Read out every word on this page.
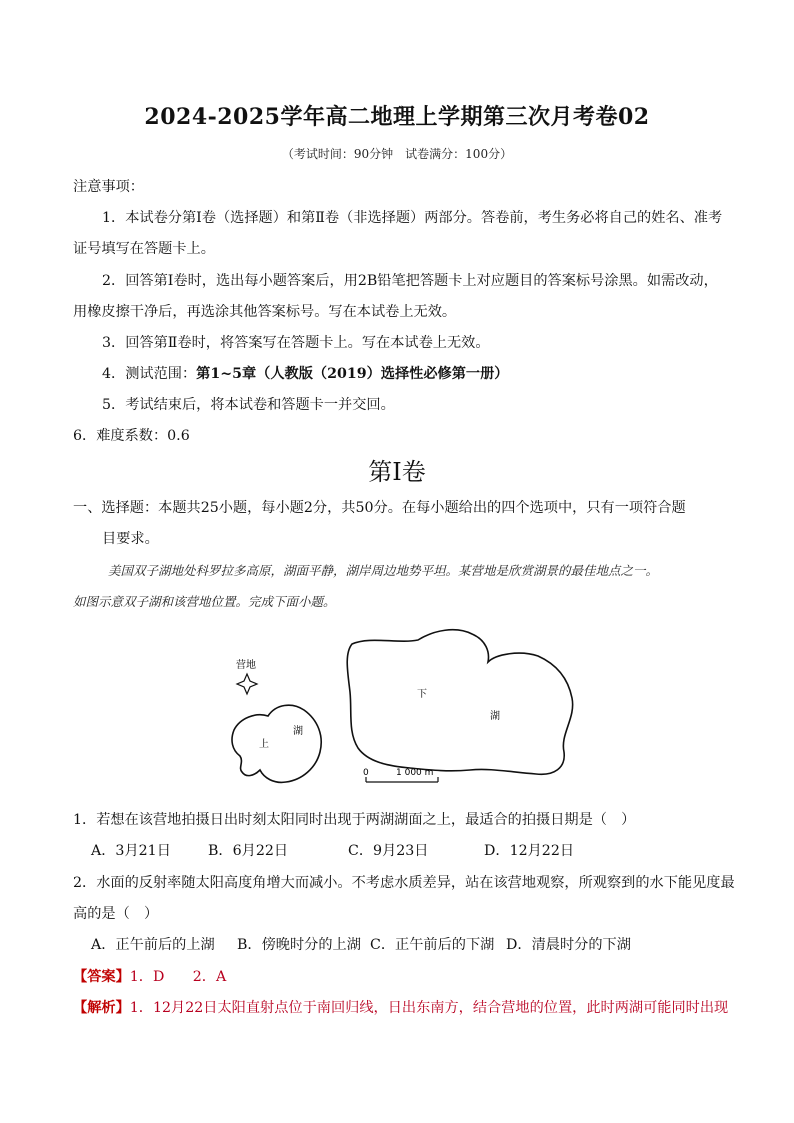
2024-2025学年高二地理上学期第三次月考卷02
（考试时间：90分钟　试卷满分：100分）
注意事项：
1．本试卷分第Ⅰ卷（选择题）和第Ⅱ卷（非选择题）两部分。答卷前，考生务必将自己的姓名、准考
证号填写在答题卡上。
2．回答第Ⅰ卷时，选出每小题答案后，用2B铅笔把答题卡上对应题目的答案标号涂黑。如需改动，
用橡皮擦干净后，再选涂其他答案标号。写在本试卷上无效。
3．回答第Ⅱ卷时，将答案写在答题卡上。写在本试卷上无效。
4．测试范围：第1~5章（人教版（2019）选择性必修第一册）
5．考试结束后，将本试卷和答题卡一并交回。
6．难度系数：0.6
第Ⅰ卷
一、选择题：本题共25小题，每小题2分，共50分。在每小题给出的四个选项中，只有一项符合题
目要求。
美国双子湖地处科罗拉多高原，湖面平静，湖岸周边地势平坦。某营地是欣赏湖景的最佳地点之一。
如图示意双子湖和该营地位置。完成下面小题。
营地
下
湖
上
湖
0	1 000 m
1．若想在该营地拍摄日出时刻太阳同时出现于两湖湖面之上，最适合的拍摄日期是（　）
A．3月21日	B．6月22日	C．9月23日	D．12月22日
2．水面的反射率随太阳高度角增大而减小。不考虑水质差异，站在该营地观察，所观察到的水下能见度最
高的是（　）
A．正午前后的上湖 B．傍晚时分的上湖 C．正午前后的下湖 D．清晨时分的下湖
【答案】1．D　　2．A
【解析】1．12月22日太阳直射点位于南回归线，日出东南方，结合营地的位置，此时两湖可能同时出现
